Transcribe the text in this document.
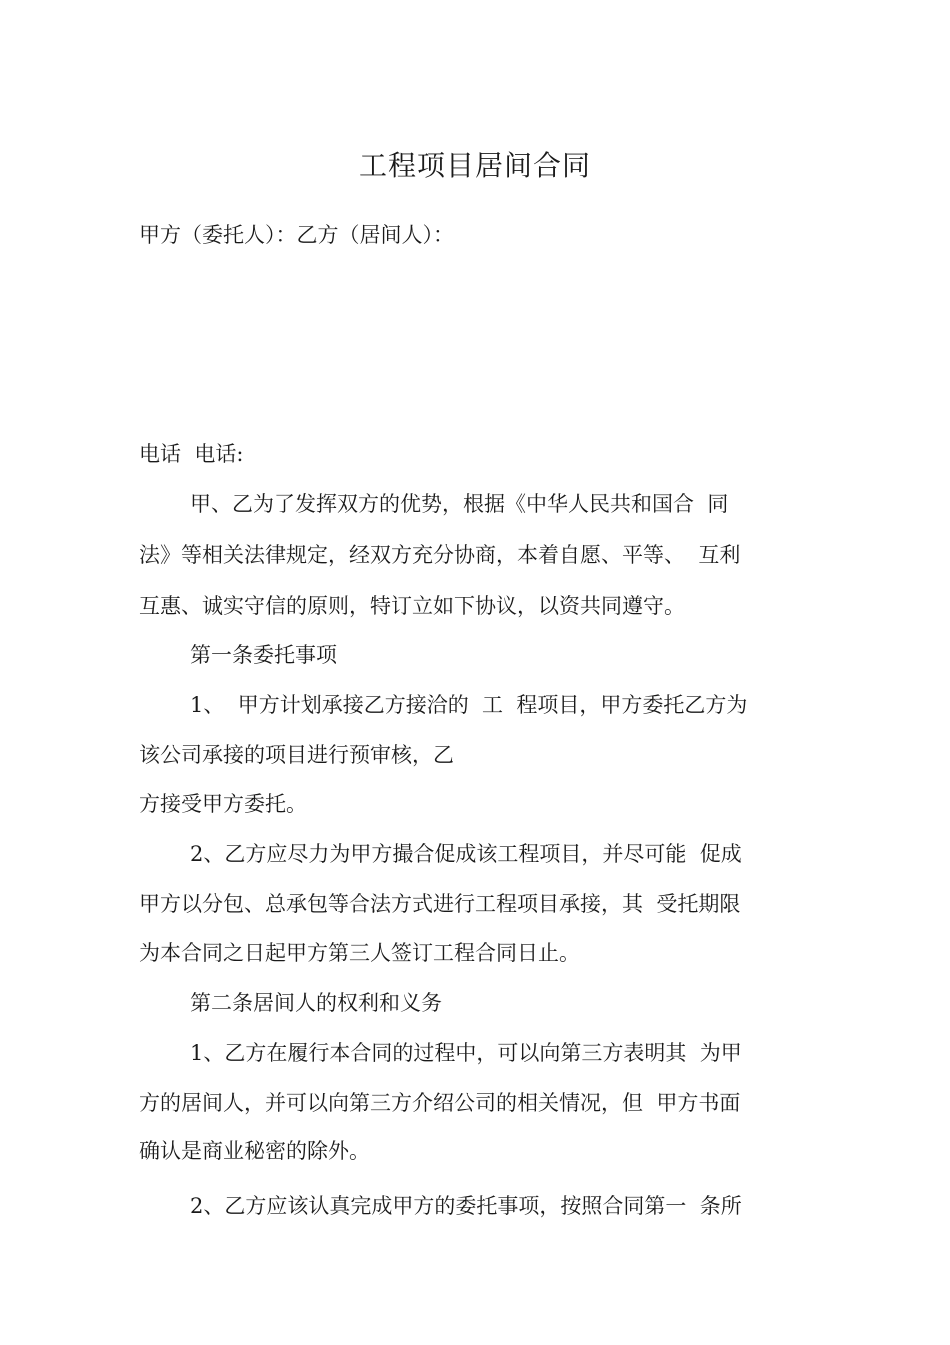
工程项目居间合同
甲方（委托人）：乙方（居间人）：
电话  电话:
甲、乙为了发挥双方的优势，根据《中华人民共和国合  同
法》等相关法律规定，经双方充分协商，本着自愿、平等、  互利
互惠、诚实守信的原则，特订立如下协议，以资共同遵守。
第一条委托事项
1、  甲方计划承接乙方接洽的  工  程项目，甲方委托乙方为
该公司承接的项目进行预审核，乙
方接受甲方委托。
2、乙方应尽力为甲方撮合促成该工程项目，并尽可能  促成
甲方以分包、总承包等合法方式进行工程项目承接，其  受托期限
为本合同之日起甲方第三人签订工程合同日止。
第二条居间人的权利和义务
1、乙方在履行本合同的过程中，可以向第三方表明其  为甲
方的居间人，并可以向第三方介绍公司的相关情况，但  甲方书面
确认是商业秘密的除外。
2、乙方应该认真完成甲方的委托事项，按照合同第一  条所
